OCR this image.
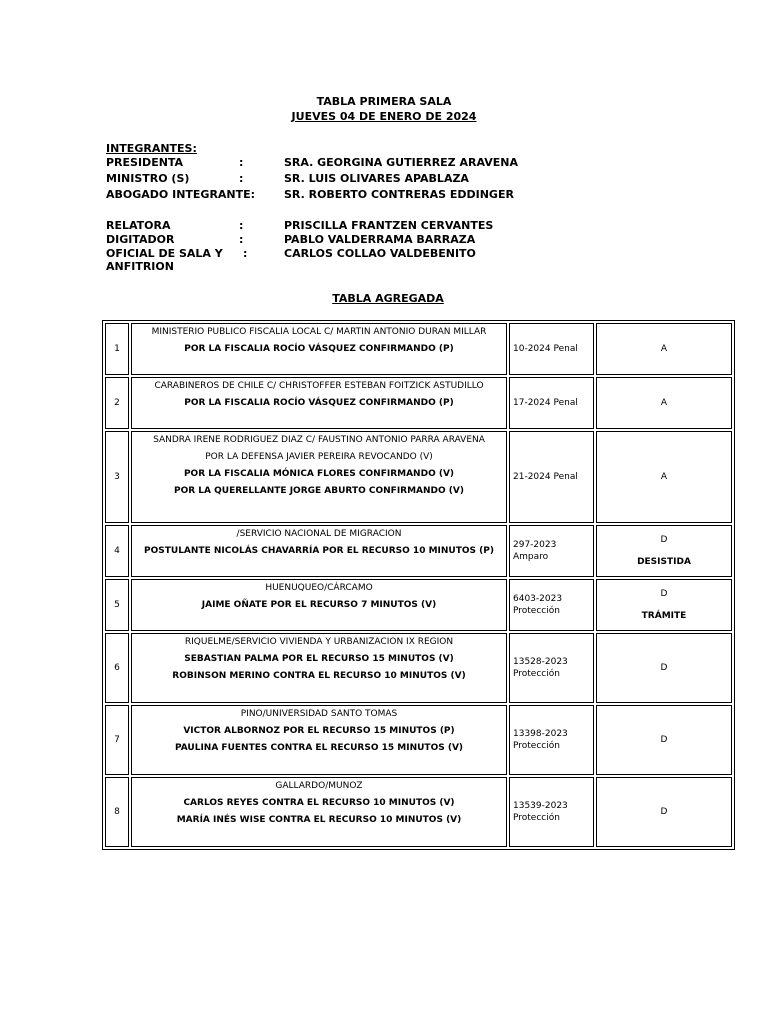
TABLA PRIMERA SALA
JUEVES 04 DE ENERO DE 2024
INTEGRANTES:
PRESIDENTA	:	SRA. GEORGINA GUTIERREZ ARAVENA
MINISTRO (S)	:	SR. LUIS OLIVARES APABLAZA
ABOGADO INTEGRANTE:	SR. ROBERTO CONTRERAS EDDINGER
RELATORA	:	PRISCILLA FRANTZEN CERVANTES
DIGITADOR	:	PABLO VALDERRAMA BARRAZA
OFICIAL DE SALA Y :	CARLOS COLLAO VALDEBENITO
ANFITRION
TABLA AGREGADA
1	MINISTERIO PUBLICO FISCALIA LOCAL C/ MARTIN ANTONIO DURAN MILLAR
POR LA FISCALIA ROCÍO VÁSQUEZ CONFIRMANDO (P)	10-2024 Penal	A

2	CARABINEROS DE CHILE C/ CHRISTOFFER ESTEBAN FOITZICK ASTUDILLO
POR LA FISCALIA ROCÍO VÁSQUEZ CONFIRMANDO (P)	17-2024 Penal	A

3	SANDRA IRENE RODRIGUEZ DIAZ C/ FAUSTINO ANTONIO PARRA ARAVENA
POR LA DEFENSA JAVIER PEREIRA REVOCANDO (V)
POR LA FISCALIA MÓNICA FLORES CONFIRMANDO (V)
POR LA QUERELLANTE JORGE ABURTO CONFIRMANDO (V)	21-2024 Penal	A

4	/SERVICIO NACIONAL DE MIGRACION
POSTULANTE NICOLÁS CHAVARRÍA POR EL RECURSO 10 MINUTOS (P)	297-2023
Amparo	D
DESISTIDA

5	HUENUQUEO/CÁRCAMO
JAIME OÑATE POR EL RECURSO 7 MINUTOS (V)	6403-2023
Protección	D
TRÁMITE

6	RIQUELME/SERVICIO VIVIENDA Y URBANIZACION IX REGION
SEBASTIAN PALMA POR EL RECURSO 15 MINUTOS (V)
ROBINSON MERINO CONTRA EL RECURSO 10 MINUTOS (V)	13528-2023
Protección	D

7	PINO/UNIVERSIDAD SANTO TOMAS
VICTOR ALBORNOZ POR EL RECURSO 15 MINUTOS (P)
PAULINA FUENTES CONTRA EL RECURSO 15 MINUTOS (V)	13398-2023
Protección	D

8	GALLARDO/MUNOZ
CARLOS REYES CONTRA EL RECURSO 10 MINUTOS (V)
MARÍA INÉS WISE CONTRA EL RECURSO 10 MINUTOS (V)	13539-2023
Protección	D
